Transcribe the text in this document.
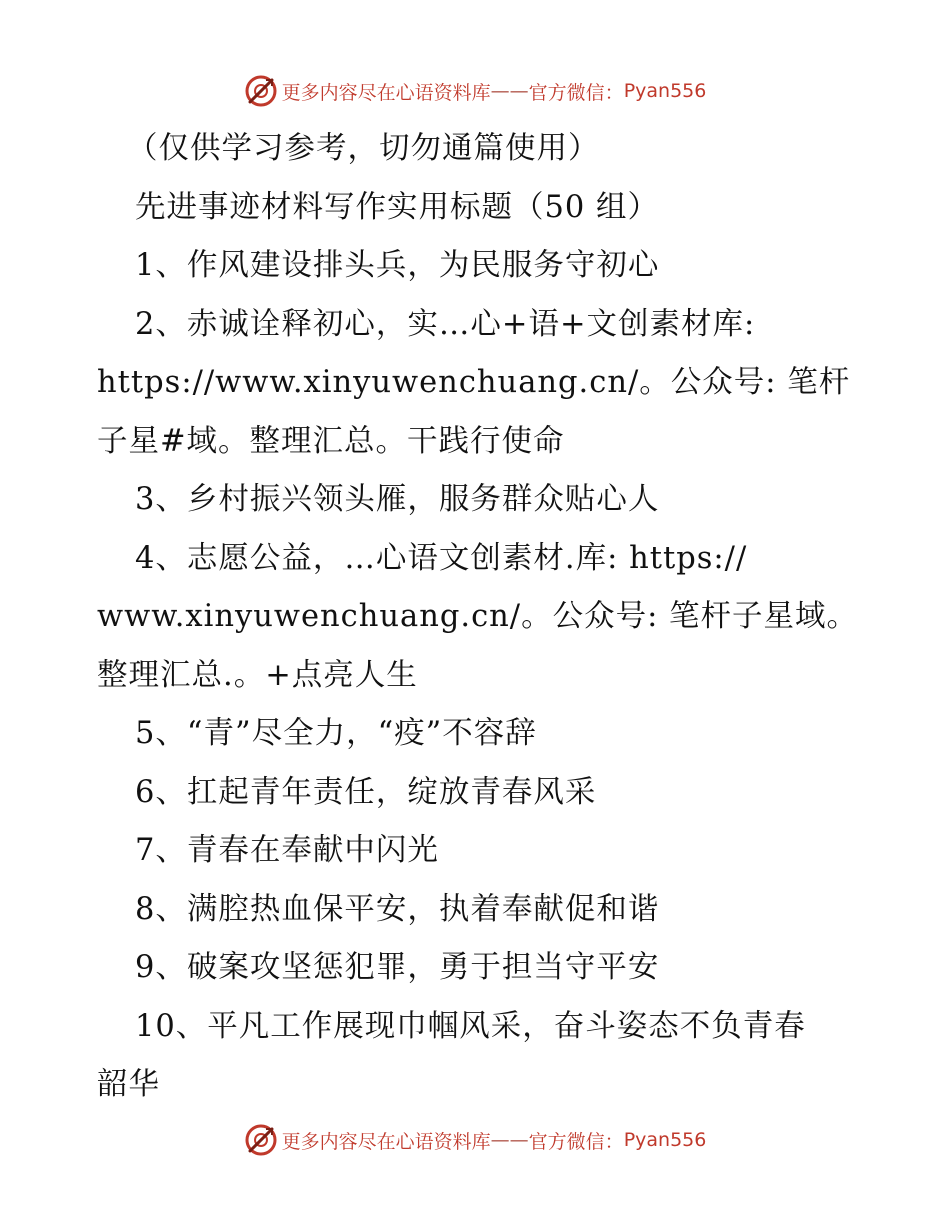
更多内容尽在心语资料库 —— 官方微信： Pyan556
（仅供学习参考，切勿通篇使用）
先进事迹材料写作实用标题（50 组）
1、作风建设排头兵，为民服务守初心
2、赤诚诠释初心，实…心+语+文创素材库:
https://www.xinyuwenchuang.cn/。公众号: 笔杆
子星#域。整理汇总。干践行使命
3、乡村振兴领头雁，服务群众贴心人
4、志愿公益，…心语文创素材.库: https://
www.xinyuwenchuang.cn/。公众号: 笔杆子星域。
整理汇总.。+点亮人生
5、“青”尽全力，“疫”不容辞
6、扛起青年责任，绽放青春风采
7、青春在奉献中闪光
8、满腔热血保平安，执着奉献促和谐
9、破案攻坚惩犯罪，勇于担当守平安
10、平凡工作展现巾帼风采，奋斗姿态不负青春
韶华
更多内容尽在心语资料库 —— 官方微信： Pyan556
